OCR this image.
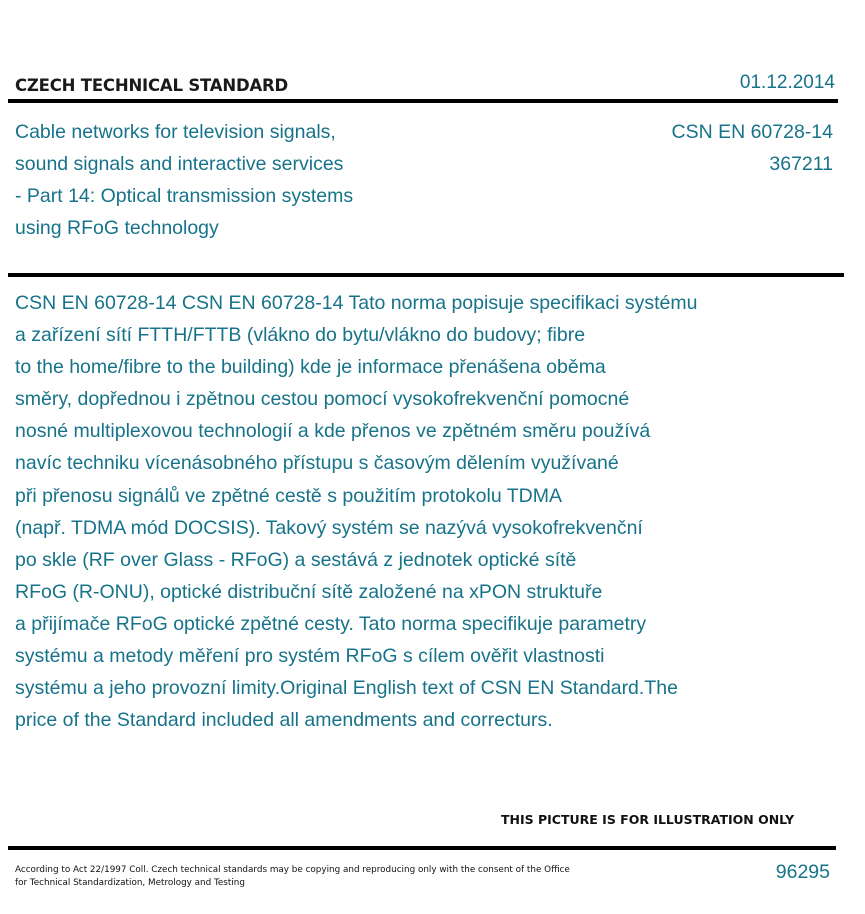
CZECH TECHNICAL STANDARD	01.12.2014
Cable networks for television signals,
sound signals and interactive services
- Part 14: Optical transmission systems
using RFoG technology
CSN EN 60728-14
367211
CSN EN 60728-14 CSN EN 60728-14 Tato norma popisuje specifikaci systému
a zařízení sítí FTTH/FTTB (vlákno do bytu/vlákno do budovy; fibre
to the home/fibre to the building) kde je informace přenášena oběma
směry, dopřednou i zpětnou cestou pomocí vysokofrekvenční pomocné
nosné multiplexovou technologií a kde přenos ve zpětném směru používá
navíc techniku vícenásobného přístupu s časovým dělením využívané
při přenosu signálů ve zpětné cestě s použitím protokolu TDMA
(např. TDMA mód DOCSIS). Takový systém se nazývá vysokofrekvenční
po skle (RF over Glass - RFoG) a sestává z jednotek optické sítě
RFoG (R-ONU), optické distribuční sítě založené na xPON struktuře
a přijímače RFoG optické zpětné cesty. Tato norma specifikuje parametry
systému a metody měření pro systém RFoG s cílem ověřit vlastnosti
systému a jeho provozní limity.Original English text of CSN EN Standard.The
price of the Standard included all amendments and correcturs.
THIS PICTURE IS FOR ILLUSTRATION ONLY
According to Act 22/1997 Coll. Czech technical standards may be copying and reproducing only with the consent of the Office
for Technical Standardization, Metrology and Testing	96295
